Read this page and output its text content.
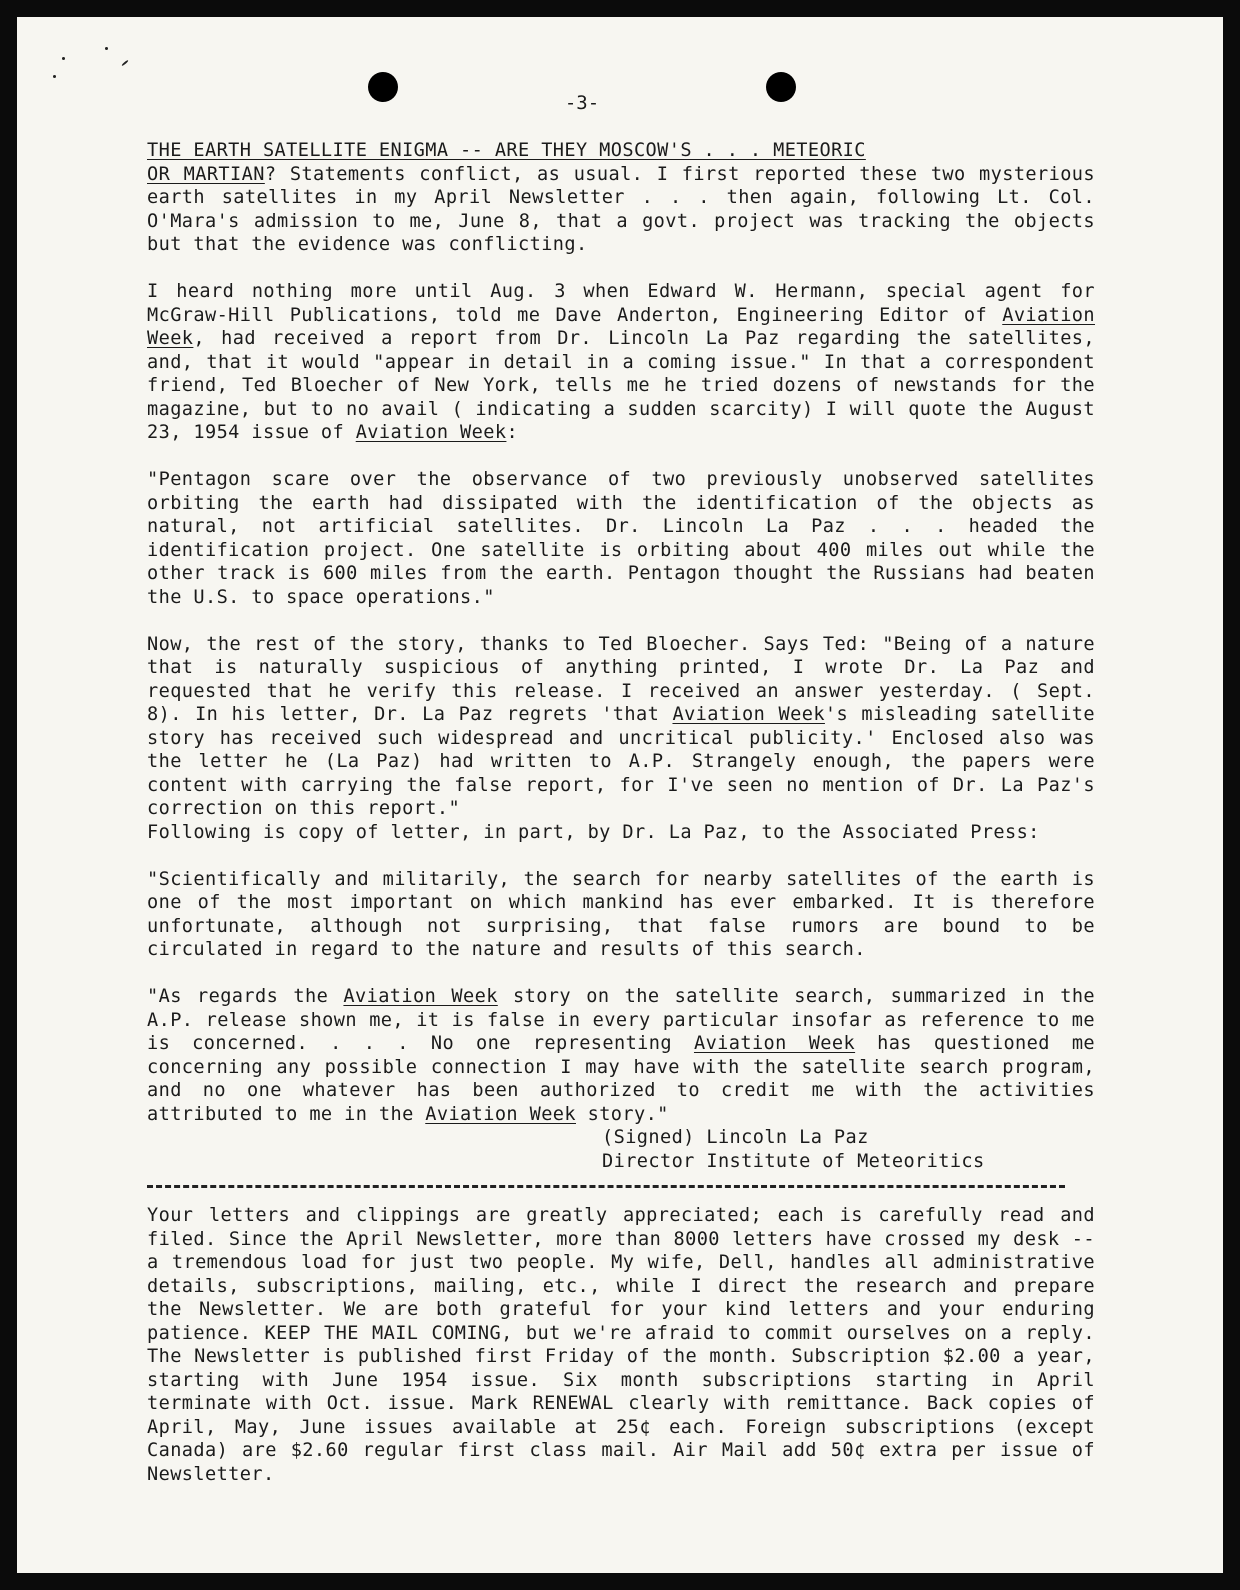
-3-

THE EARTH SATELLITE ENIGMA -- ARE THEY MOSCOW'S . . . METEORIC
OR MARTIAN? Statements conflict, as usual. I first reported these two mysterious earth satellites in my April Newsletter . . . then again, following Lt. Col. O'Mara's admission to me, June 8, that a govt. project was tracking the objects but that the evidence was conflicting.

I heard nothing more until Aug. 3 when Edward W. Hermann, special agent for McGraw-Hill Publications, told me Dave Anderton, Engineering Editor of Aviation Week, had received a report from Dr. Lincoln La Paz regarding the satellites, and, that it would "appear in detail in a coming issue." In that a correspondent friend, Ted Bloecher of New York, tells me he tried dozens of newstands for the magazine, but to no avail ( indicating a sudden scarcity) I will quote the August 23, 1954 issue of Aviation Week:

"Pentagon scare over the observance of two previously unobserved satellites orbiting the earth had dissipated with the identification of the objects as natural, not artificial satellites. Dr. Lincoln La Paz . . . headed the identification project. One satellite is orbiting about 400 miles out while the other track is 600 miles from the earth. Pentagon thought the Russians had beaten the U.S. to space operations."

Now, the rest of the story, thanks to Ted Bloecher. Says Ted: "Being of a nature that is naturally suspicious of anything printed, I wrote Dr. La Paz and requested that he verify this release. I received an answer yesterday. ( Sept. 8). In his letter, Dr. La Paz regrets 'that Aviation Week's misleading satellite story has received such widespread and uncritical publicity.' Enclosed also was the letter he (La Paz) had written to A.P. Strangely enough, the papers were content with carrying the false report, for I've seen no mention of Dr. La Paz's correction on this report."

Following is copy of letter, in part, by Dr. La Paz, to the Associated Press:

"Scientifically and militarily, the search for nearby satellites of the earth is one of the most important on which mankind has ever embarked. It is therefore unfortunate, although not surprising, that false rumors are bound to be circulated in regard to the nature and results of this search.

"As regards the Aviation Week story on the satellite search, summarized in the A.P. release shown me, it is false in every particular insofar as reference to me is concerned. . . . No one representing Aviation Week has questioned me concerning any possible connection I may have with the satellite search program, and no one whatever has been authorized to credit me with the activities attributed to me in the Aviation Week story."

(Signed) Lincoln La Paz
Director Institute of Meteoritics

Your letters and clippings are greatly appreciated; each is carefully read and filed. Since the April Newsletter, more than 8000 letters have crossed my desk -- a tremendous load for just two people. My wife, Dell, handles all administrative details, subscriptions, mailing, etc., while I direct the research and prepare the Newsletter. We are both grateful for your kind letters and your enduring patience. KEEP THE MAIL COMING, but we're afraid to commit ourselves on a reply. The Newsletter is published first Friday of the month. Subscription $2.00 a year, starting with June 1954 issue. Six month subscriptions starting in April terminate with Oct. issue. Mark RENEWAL clearly with remittance. Back copies of April, May, June issues available at 25¢ each. Foreign subscriptions (except Canada) are $2.60 regular first class mail. Air Mail add 50¢ extra per issue of Newsletter.
